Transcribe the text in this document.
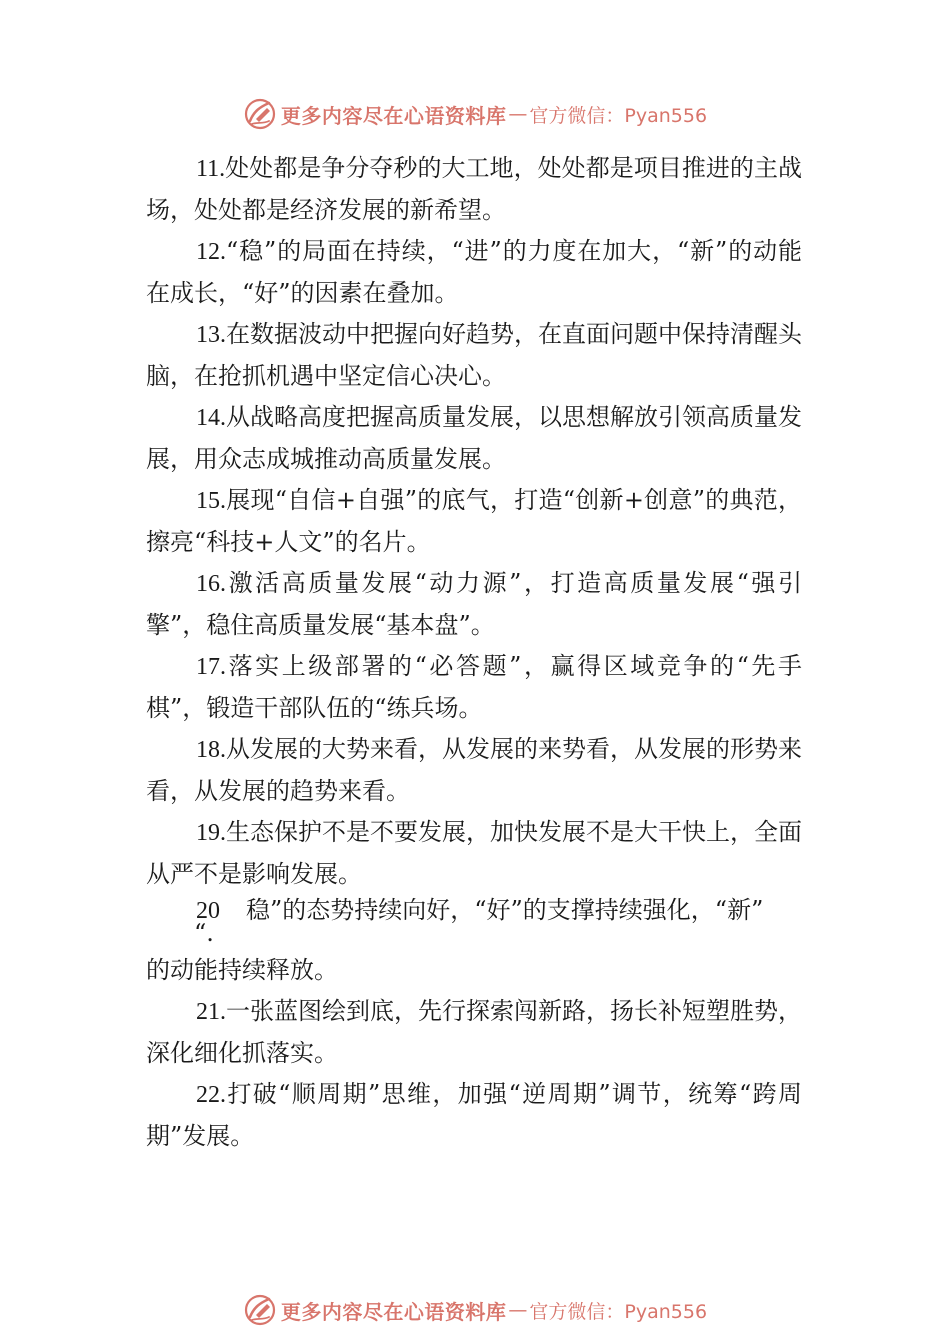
更多内容尽在心语资料库 — 官方微信：Pyan556

11.处处都是争分夺秒的大工地，处处都是项目推进的主战场，处处都是经济发展的新希望。

12.“稳”的局面在持续，“进”的力度在加大，“新”的动能在成长，“好”的因素在叠加。

13.在数据波动中把握向好趋势，在直面问题中保持清醒头脑，在抢抓机遇中坚定信心决心。

14.从战略高度把握高质量发展，以思想解放引领高质量发展，用众志成城推动高质量发展。

15.展现“自信+自强”的底气，打造“创新+创意”的典范，擦亮“科技+人文”的名片。

16.激活高质量发展“动力源”，打造高质量发展“强引擎”，稳住高质量发展“基本盘”。

17.落实上级部署的“必答题”，赢得区域竞争的“先手棋”，锻造干部队伍的“练兵场。

18.从发展的大势来看，从发展的来势看，从发展的形势来看，从发展的趋势来看。

19.生态保护不是不要发展，加快发展不是大干快上，全面从严不是影响发展。

20 稳”的态势持续向好，“好”的支撑持续强化，“新”
“.
的动能持续释放。

21.一张蓝图绘到底，先行探索闯新路，扬长补短塑胜势，深化细化抓落实。

22.打破“顺周期”思维，加强“逆周期”调节，统筹“跨周期”发展。

更多内容尽在心语资料库 — 官方微信：Pyan556
